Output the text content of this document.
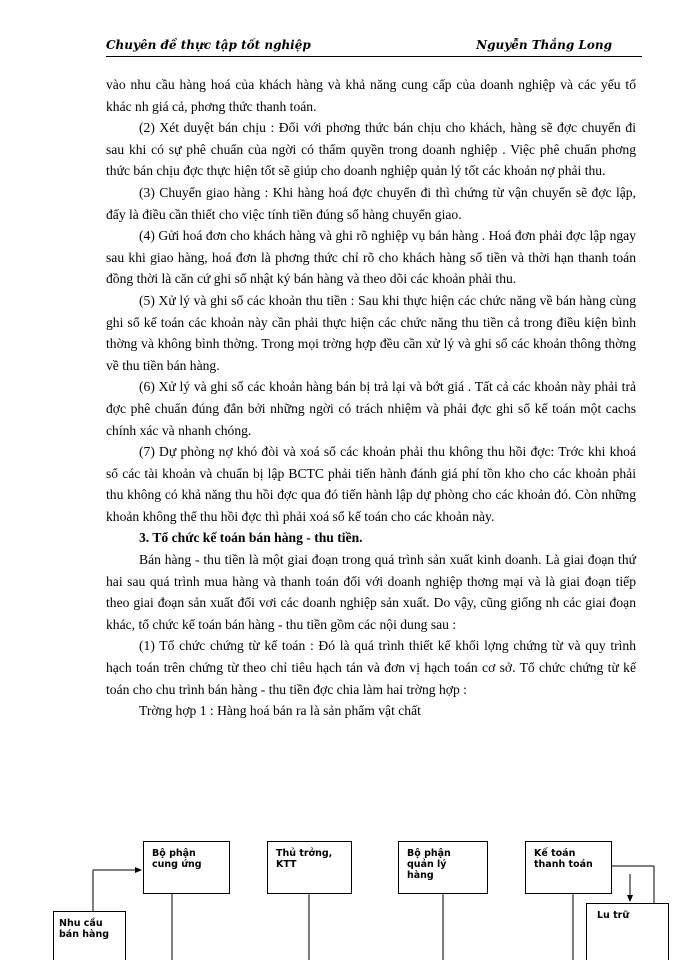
Chuyên đề thực tập tốt nghiệp	Nguyễn Thắng Long

vào nhu cầu hàng hoá của khách hàng và khả năng cung cấp của doanh nghiệp và các yếu tố khác nh giá cả, phơng thức thanh toán.

(2) Xét duyệt bán chịu : Đối với phơng thức bán chịu cho khách, hàng sẽ đợc chuyển đi sau khi có sự phê chuẩn của ngời có thẩm quyền trong doanh nghiệp . Việc phê chuẩn phơng thức bán chịu đợc thực hiện tốt sẽ giúp cho doanh nghiệp quản lý tốt các khoản nợ phải thu.

(3) Chuyển giao hàng : Khi hàng hoá đợc chuyển đi thì chứng từ vận chuyển sẽ đợc lập, đấy là điều cần thiết cho việc tính tiền đúng số hàng chuyển giao.

(4) Gửi hoá đơn cho khách hàng và ghi rõ nghiệp vụ bán hàng . Hoá đơn phải đợc lập ngay sau khi giao hàng, hoá đơn là phơng thức chỉ rõ cho khách hàng số tiền và thời hạn thanh toán đồng thời là căn cứ ghi sổ nhật ký bán hàng và theo dõi các khoản phải thu.

(5) Xử lý và ghi sổ các khoản thu tiền : Sau khi thực hiện các chức năng về bán hàng cùng ghi sổ kế toán các khoản này cần phải thực hiện các chức năng thu tiền cả trong điều kiện bình thờng và không bình thờng. Trong mọi trờng hợp đều cần xử lý và ghi sổ các khoản thông thờng về thu tiền bán hàng.

(6) Xử lý và ghi sổ các khoản hàng bán bị trả lại và bớt giá . Tất cả các khoản này phải trả đợc phê chuẩn đúng đắn bởi những ngời có trách nhiệm và phải đợc ghi sổ kế toán một cachs chính xác và nhanh chóng.

(7) Dự phòng nợ khó đòi và xoá sổ các khoản phải thu không thu hồi đợc: Trớc khi khoá sổ các tài khoản và chuẩn bị lập BCTC phải tiến hành đánh giá phí tồn kho cho các khoản phải thu không có khả năng thu hồi đợc qua đó tiến hành lập dự phòng cho các khoản đó. Còn những khoản không thể thu hồi đợc thì phải xoá sổ kế toán cho các khoản này.

3. Tổ chức kế toán bán hàng - thu tiền.

Bán hàng - thu tiền là một giai đoạn trong quá trình sản xuất kinh doanh. Là giai đoạn thứ hai sau quá trình mua hàng và thanh toán đối với doanh nghiệp thơng mại và là giai đoạn tiếp theo giai đoạn sản xuất đối vơi các doanh nghiệp sản xuất. Do vậy, cũng giống nh các giai đoạn khác, tổ chức kế toán bán hàng - thu tiền gồm các nội dung sau :

(1) Tổ chức chứng từ kế toán : Đó là quá trình thiết kế khối lợng chứng từ và quy trình hạch toán trên chứng từ theo chỉ tiêu hạch tán và đơn vị hạch toán cơ sở. Tổ chức chứng từ kế toán cho chu trình bán hàng - thu tiền đợc chia làm hai trờng hợp :

Trờng hợp 1 : Hàng hoá bán ra là sản phẩm vật chất

Bộ phận
cung ứng
Thủ trởng,
KTT
Bộ phận
quản lý
hàng
Kế toán
thanh toán
Nhu cầu
bán hàng
Lu trữ
